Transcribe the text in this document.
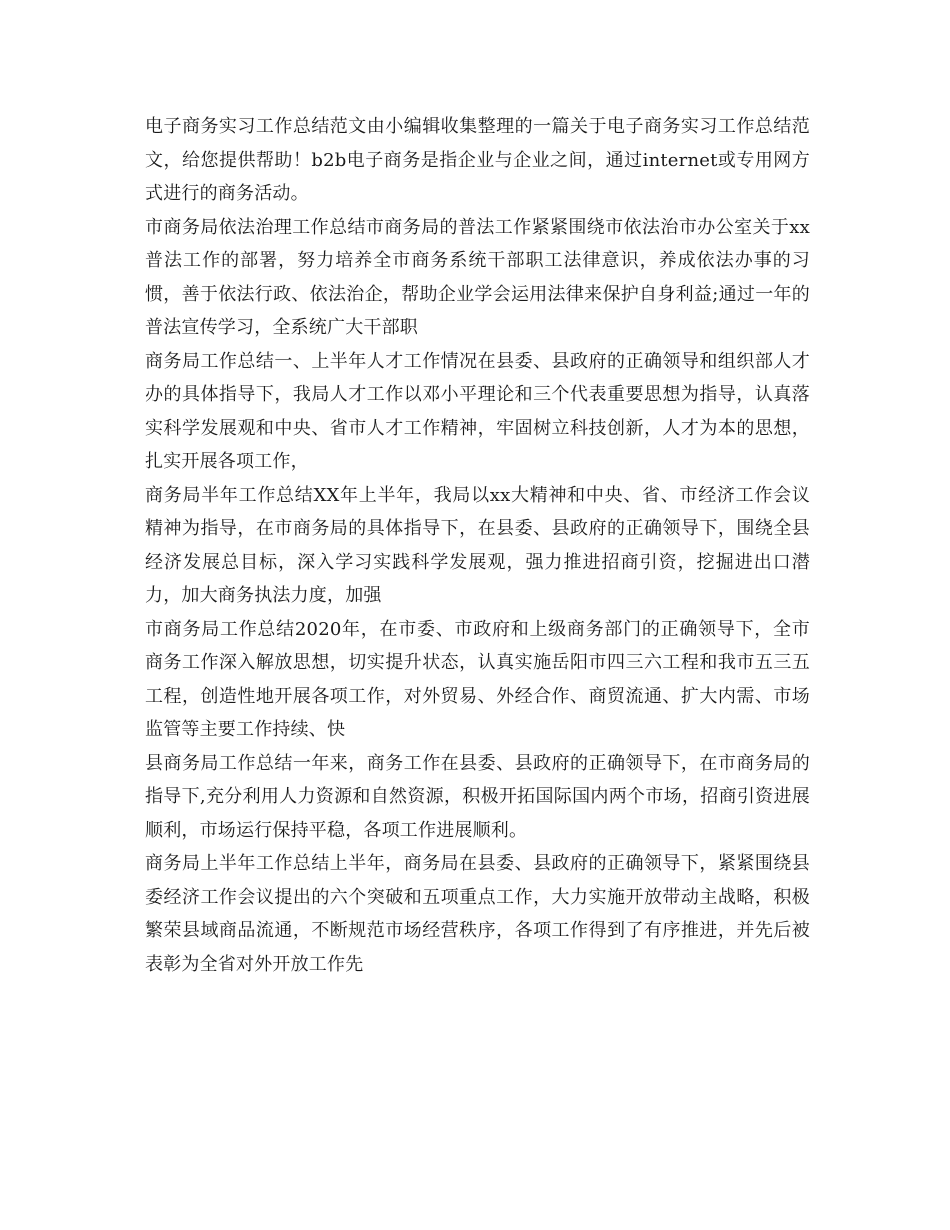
电子商务实习工作总结范文由小编辑收集整理的一篇关于电子商务实习工作总结范文，给您提供帮助！b2b电子商务是指企业与企业之间，通过internet或专用网方式进行的商务活动。

市商务局依法治理工作总结市商务局的普法工作紧紧围绕市依法治市办公室关于xx普法工作的部署，努力培养全市商务系统干部职工法律意识，养成依法办事的习惯，善于依法行政、依法治企，帮助企业学会运用法律来保护自身利益;通过一年的普法宣传学习，全系统广大干部职

商务局工作总结一、上半年人才工作情况在县委、县政府的正确领导和组织部人才办的具体指导下，我局人才工作以邓小平理论和三个代表重要思想为指导，认真落实科学发展观和中央、省市人才工作精神，牢固树立科技创新，人才为本的思想，扎实开展各项工作，

商务局半年工作总结XX年上半年，我局以xx大精神和中央、省、市经济工作会议精神为指导，在市商务局的具体指导下，在县委、县政府的正确领导下，围绕全县经济发展总目标，深入学习实践科学发展观，强力推进招商引资，挖掘进出口潜力，加大商务执法力度，加强

市商务局工作总结2020年，在市委、市政府和上级商务部门的正确领导下，全市商务工作深入解放思想，切实提升状态，认真实施岳阳市四三六工程和我市五三五工程，创造性地开展各项工作，对外贸易、外经合作、商贸流通、扩大内需、市场监管等主要工作持续、快

县商务局工作总结一年来，商务工作在县委、县政府的正确领导下，在市商务局的指导下,充分利用人力资源和自然资源，积极开拓国际国内两个市场，招商引资进展顺利，市场运行保持平稳，各项工作进展顺利。

商务局上半年工作总结上半年，商务局在县委、县政府的正确领导下，紧紧围绕县委经济工作会议提出的六个突破和五项重点工作，大力实施开放带动主战略，积极繁荣县域商品流通，不断规范市场经营秩序，各项工作得到了有序推进，并先后被表彰为全省对外开放工作先
